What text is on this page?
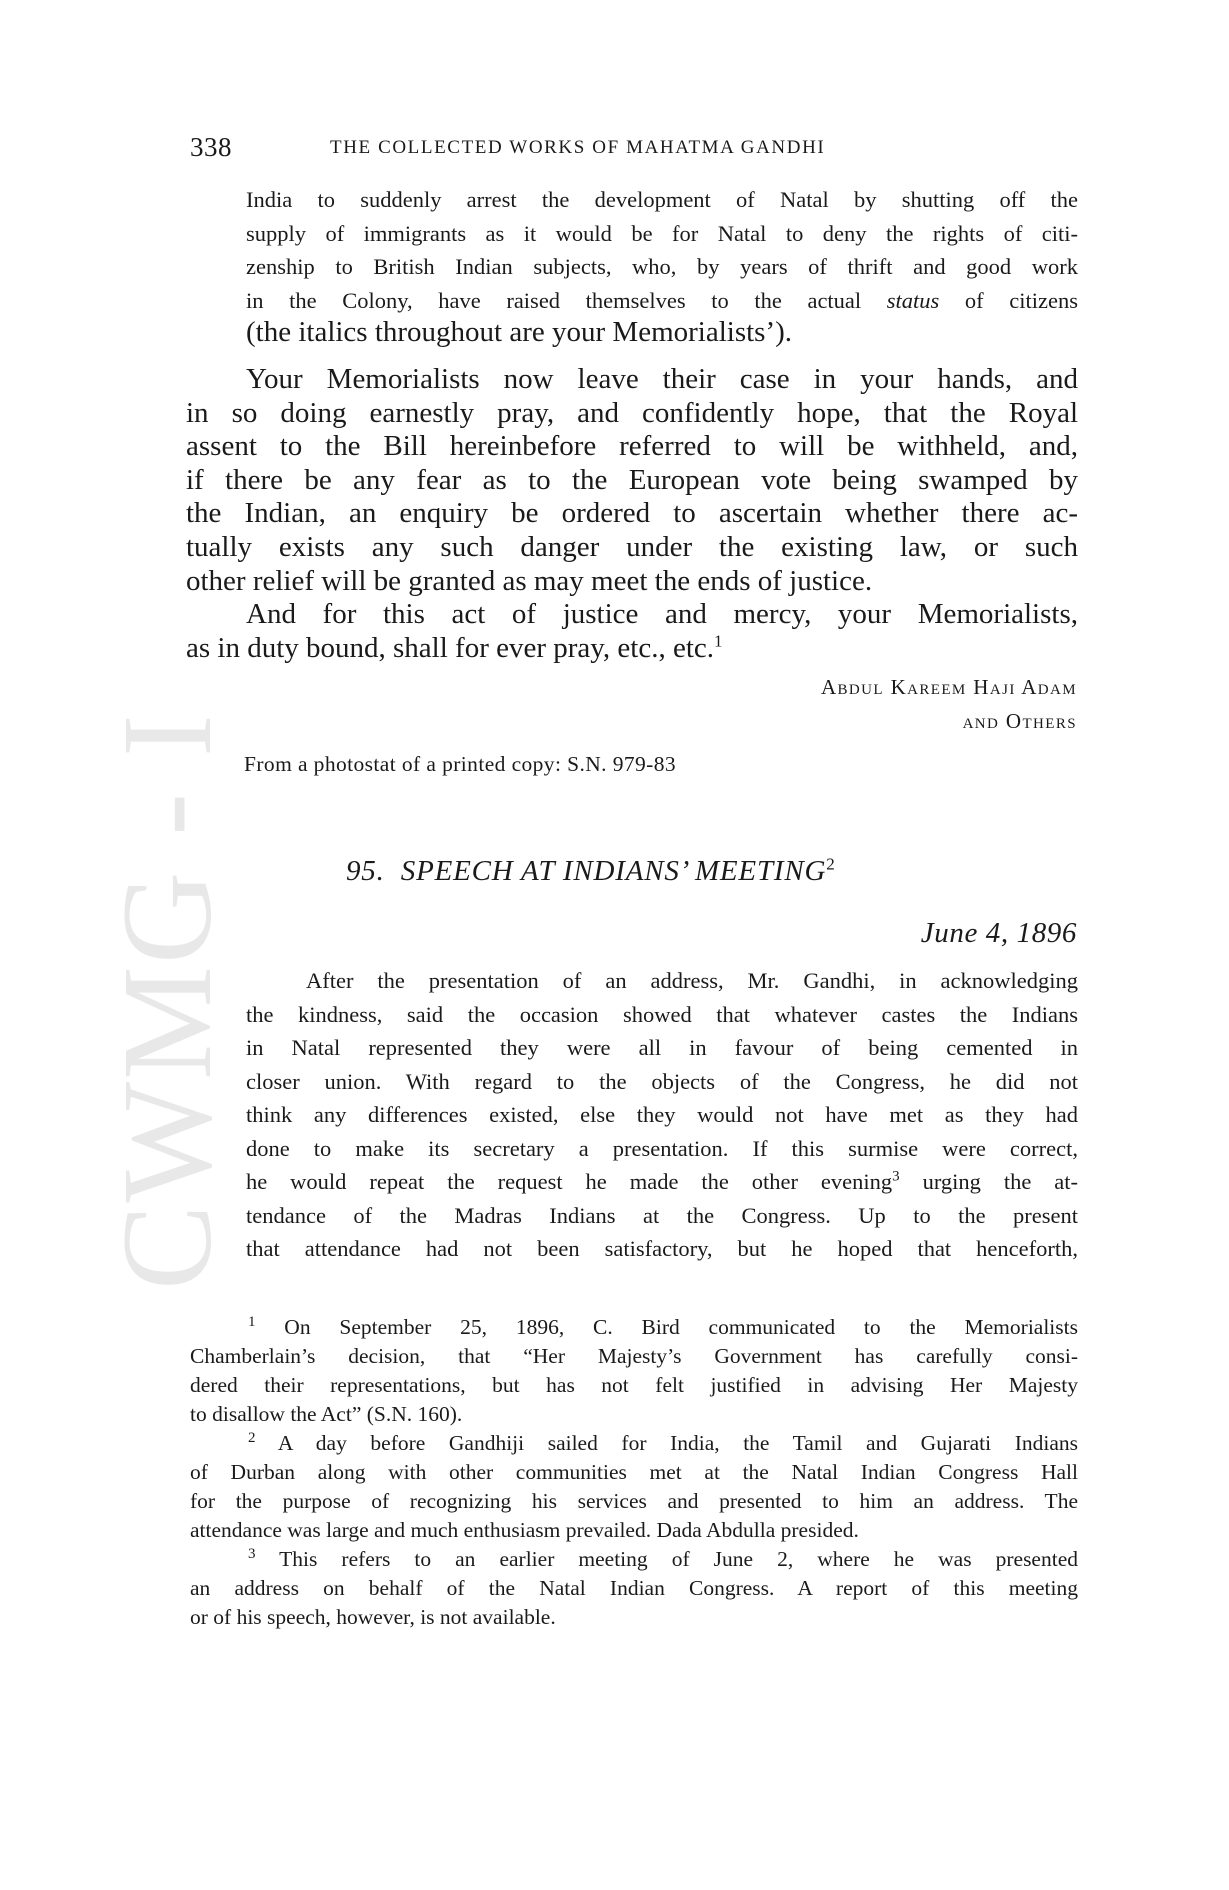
CWMG - I
338	THE COLLECTED WORKS OF MAHATMA GANDHI
India to suddenly arrest the development of Natal by shutting off the
supply of immigrants as it would be for Natal to deny the rights of citi-
zenship to British Indian subjects, who, by years of thrift and good work
in the Colony, have raised themselves to the actual status of citizens
(the italics throughout are your Memorialists’).
Your Memorialists now leave their case in your hands, and
in so doing earnestly pray, and confidently hope, that the Royal
assent to the Bill hereinbefore referred to will be withheld, and,
if there be any fear as to the European vote being swamped by
the Indian, an enquiry be ordered to ascertain whether there ac-
tually exists any such danger under the existing law, or such
other relief will be granted as may meet the ends of justice.
And for this act of justice and mercy, your Memorialists,
as in duty bound, shall for ever pray, etc., etc.$^1$
Abdul Kareem Haji Adam
and Others
From a photostat of a printed copy: S.N. 979-83
95. SPEECH AT INDIANS’ MEETING$^2$
June 4, 1896
After the presentation of an address, Mr. Gandhi, in acknowledging
the kindness, said the occasion showed that whatever castes the Indians
in Natal represented they were all in favour of being cemented in
closer union. With regard to the objects of the Congress, he did not
think any differences existed, else they would not have met as they had
done to make its secretary a presentation. If this surmise were correct,
he would repeat the request he made the other evening$^3$ urging the at-
tendance of the Madras Indians at the Congress. Up to the present
that attendance had not been satisfactory, but he hoped that henceforth,
$^1$ On September 25, 1896, C. Bird communicated to the Memorialists
Chamberlain’s decision, that “Her Majesty’s Government has carefully consi-
dered their representations, but has not felt justified in advising Her Majesty
to disallow the Act” (S.N. 160).
$^2$ A day before Gandhiji sailed for India, the Tamil and Gujarati Indians
of Durban along with other communities met at the Natal Indian Congress Hall
for the purpose of recognizing his services and presented to him an address. The
attendance was large and much enthusiasm prevailed. Dada Abdulla presided.
$^3$ This refers to an earlier meeting of June 2, where he was presented
an address on behalf of the Natal Indian Congress. A report of this meeting
or of his speech, however, is not available.
